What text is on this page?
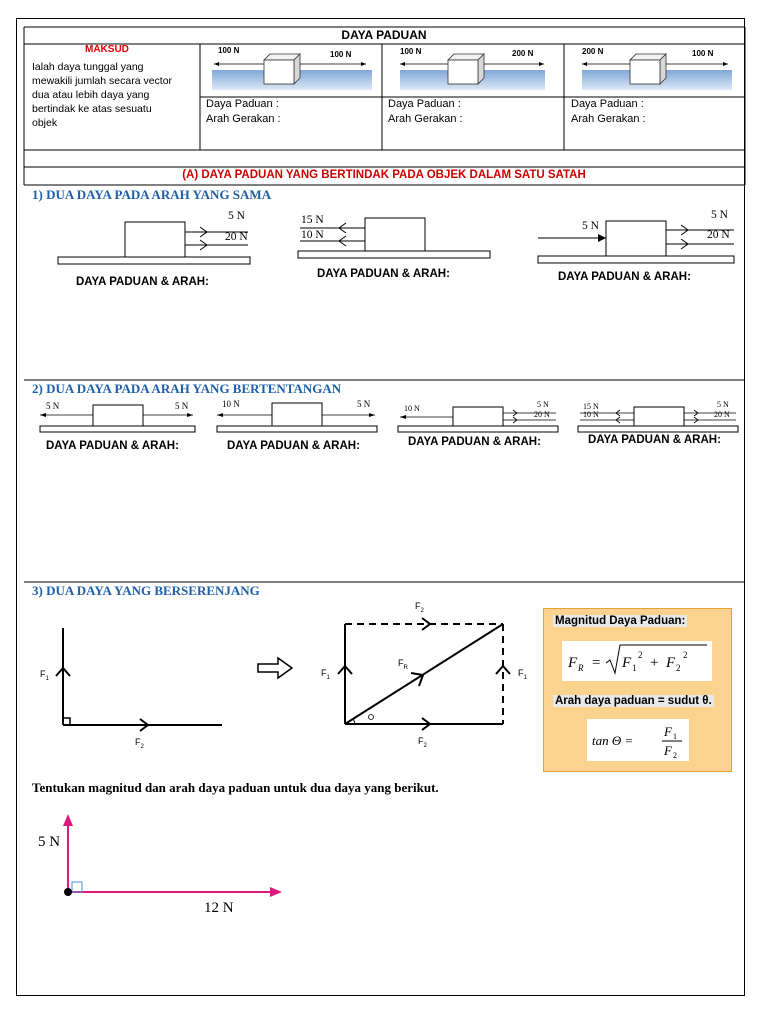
DAYA PADUAN
MAKSUD
Ialah daya tunggal yang
mewakili jumlah secara vector
dua atau lebih daya yang
bertindak ke atas sesuatu
objek
100 N	100 N	100 N	200 N	200 N	100 N
Daya Paduan :
Arah Gerakan :
Daya Paduan :
Arah Gerakan :
Daya Paduan :
Arah Gerakan :
(A) DAYA PADUAN YANG BERTINDAK PADA OBJEK DALAM SATU SATAH
1) DUA DAYA PADA ARAH YANG SAMA
5 N
20 N
DAYA PADUAN & ARAH:
15 N
10 N
DAYA PADUAN & ARAH:
5 N
5 N
20 N
DAYA PADUAN & ARAH:
2) DUA DAYA PADA ARAH YANG BERTENTANGAN
5 N	5 N	10 N	5 N	10 N	5 N
20 N
15 N
10 N
5 N
20 N
DAYA PADUAN & ARAH:	DAYA PADUAN & ARAH:	DAYA PADUAN & ARAH:	DAYA PADUAN & ARAH:
3) DUA DAYA YANG BERSERENJANG
$F_1$
$F_2$
$F_2$
$F_1$	$F_1$
$F_R$
$F_2$
Magnitud Daya Paduan:
F R = F 1
2 + F 2
2
Arah daya paduan = sudut θ.
tan Θ =
F 1
F 2
Tentukan magnitud dan arah daya paduan untuk dua daya yang berikut.
5 N
12 N
